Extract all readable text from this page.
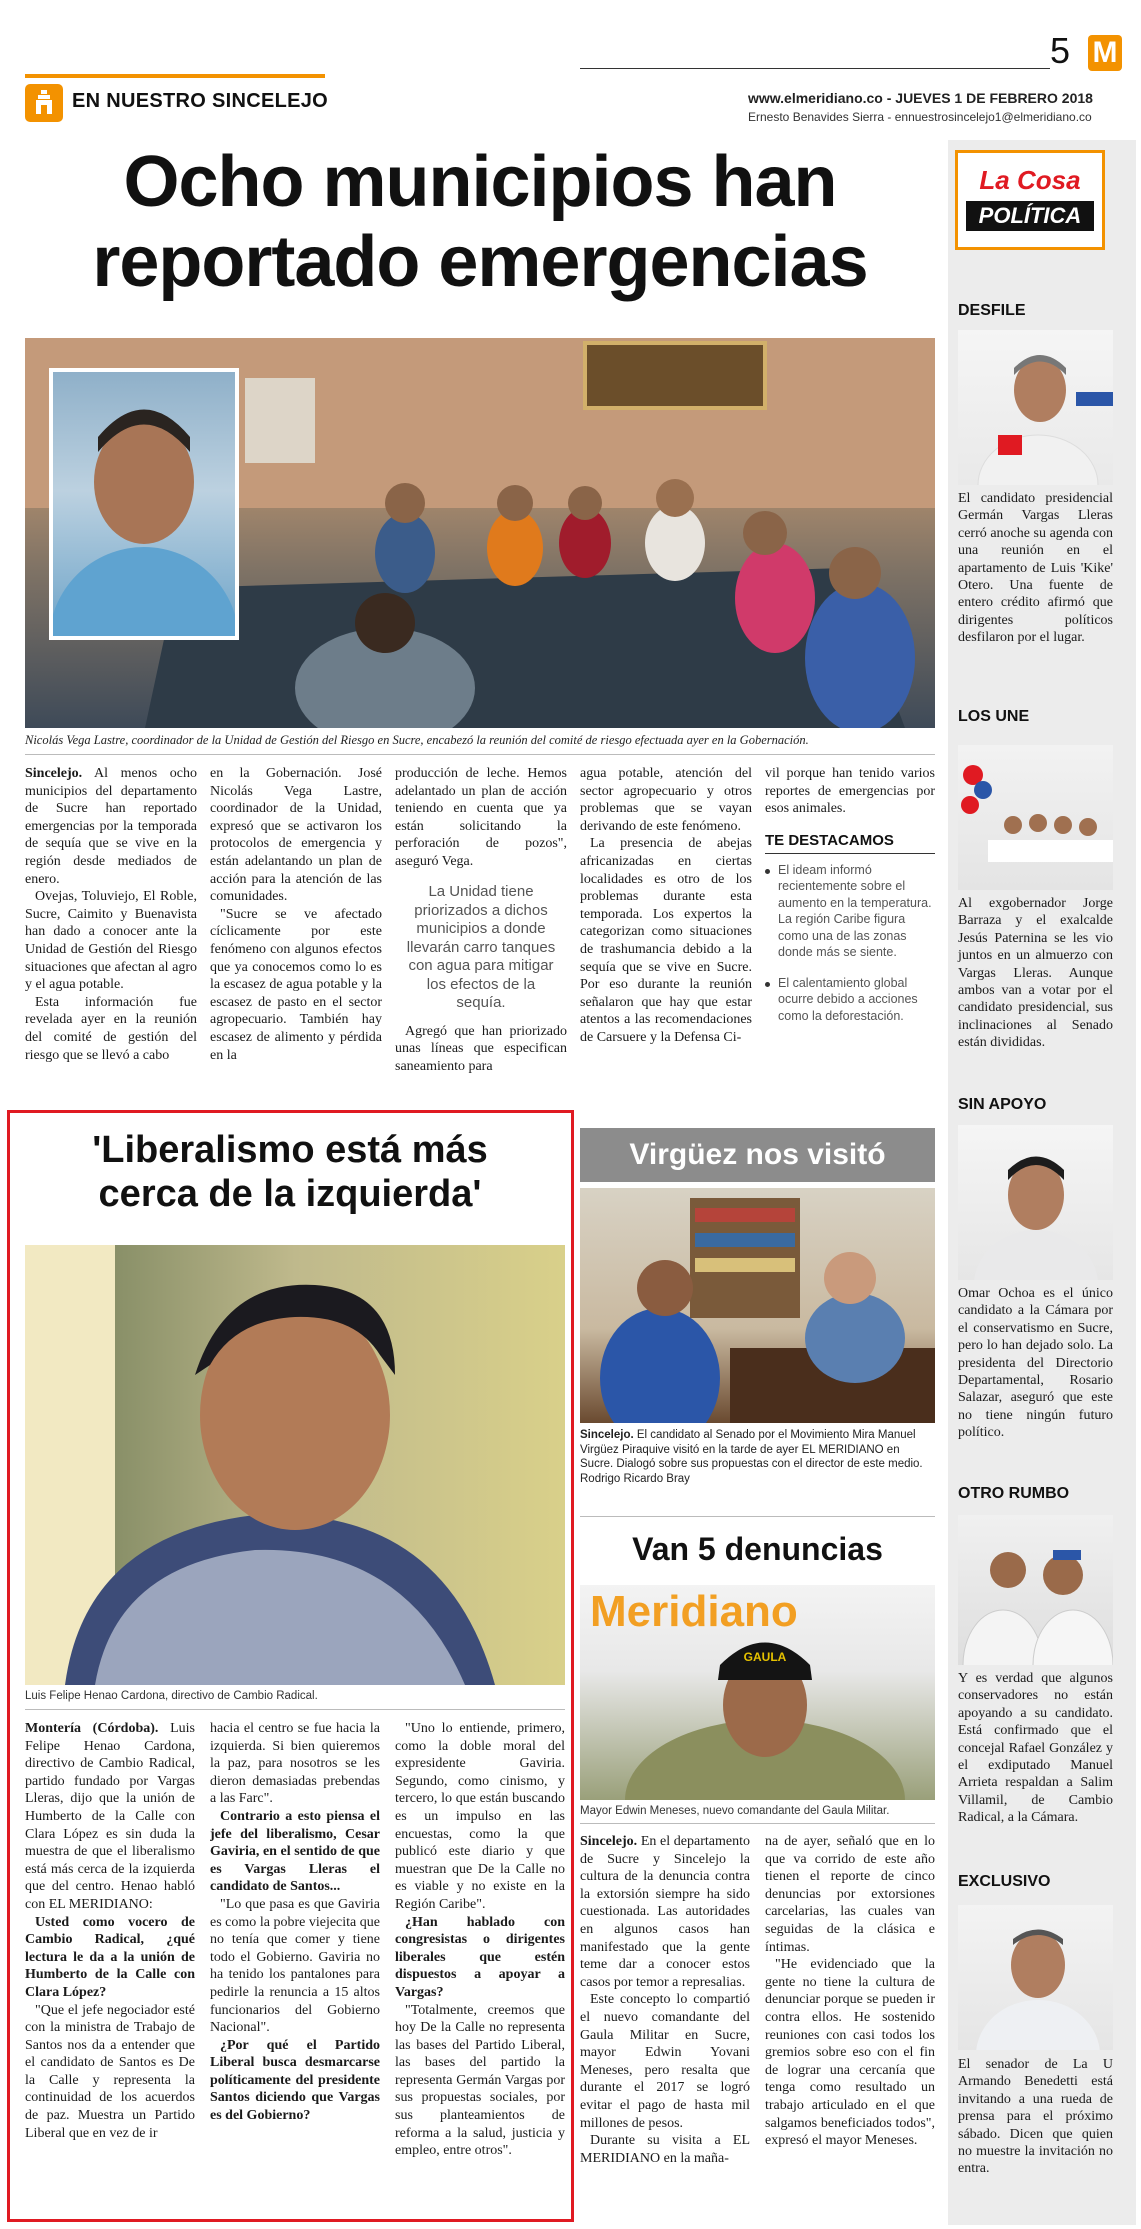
5 M
EN NUESTRO SINCELEJO	www.elmeridiano.co - JUEVES 1 DE FEBRERO 2018
Ernesto Benavides Sierra - ennuestrosincelejo1@elmeridiano.co
Ocho municipios han
reportado emergencias
Nicolás Vega Lastre, coordinador de la Unidad de Gestión del Riesgo en Sucre, encabezó la reunión del comité de riesgo efectuada ayer en la Gobernación.

Sincelejo. Al menos ocho municipios del departamento de Sucre han reportado emergencias por la temporada de sequía que se vive en la región desde mediados de enero.

Ovejas, Toluviejo, El Roble, Sucre, Caimito y Buenavista han dado a conocer ante la Unidad de Gestión del Riesgo situaciones que afectan al agro y el agua potable.

Esta información fue revelada ayer en la reunión del comité de gestión del riesgo que se llevó a cabo

en la Gobernación. José Nicolás Vega Lastre, coordinador de la Unidad, expresó que se activaron los protocolos de emergencia y están adelantando un plan de acción para la atención de las comunidades.

"Sucre se ve afectado cíclicamente por este fenómeno con algunos efectos que ya conocemos como lo es la escasez de agua potable y la escasez de pasto en el sector agropecuario. También hay escasez de alimento y pérdida en la

producción de leche. Hemos adelantado un plan de acción teniendo en cuenta que ya están solicitando la perforación de pozos", aseguró Vega.
La Unidad tiene priorizados a dichos municipios a donde llevarán carro tanques con agua para mitigar los efectos de la sequía.
Agregó que han priorizado unas líneas que especifican saneamiento para

agua potable, atención del sector agropecuario y otros problemas que se vayan derivando de este fenómeno.

La presencia de abejas africanizadas en ciertas localidades es otro de los problemas durante esta temporada. Los expertos la categorizan como situaciones de trashumancia debido a la sequía que se vive en Sucre. Por eso durante la reunión señalaron que hay que estar atentos a las recomendaciones de Carsuere y la Defensa Ci-

vil porque han tenido varios reportes de emergencias por esos animales.
TE DESTACAMOS
El ideam informó recientemente sobre el aumento en la temperatura. La región Caribe figura como una de las zonas donde más se siente.
El calentamiento global ocurre debido a acciones como la deforestación.
'Liberalismo está más
cerca de la izquierda'
Luis Felipe Henao Cardona, directivo de Cambio Radical.

Montería (Córdoba). Luis Felipe Henao Cardona, directivo de Cambio Radical, partido fundado por Vargas Lleras, dijo que la unión de Humberto de la Calle con Clara López es sin duda la muestra de que el liberalismo está más cerca de la izquierda que del centro. Henao habló con EL MERIDIANO:

Usted como vocero de Cambio Radical, ¿qué lectura le da a la unión de Humberto de la Calle con Clara López?

"Que el jefe negociador esté con la ministra de Trabajo de Santos nos da a entender que el candidato de Santos es De la Calle y representa la continuidad de los acuerdos de paz. Muestra un Partido Liberal que en vez de ir

hacia el centro se fue hacia la izquierda. Si bien quieremos la paz, para nosotros se les dieron demasiadas prebendas a las Farc".

Contrario a esto piensa el jefe del liberalismo, Cesar Gaviria, en el sentido de que es Vargas Lleras el candidato de Santos...

"Lo que pasa es que Gaviria es como la pobre viejecita que no tenía que comer y tiene todo el Gobierno. Gaviria no ha tenido los pantalones para pedirle la renuncia a 15 altos funcionarios del Gobierno Nacional".

¿Por qué el Partido Liberal busca desmarcarse políticamente del presidente Santos diciendo que Vargas es del Gobierno?

"Uno lo entiende, primero, como la doble moral del expresidente Gaviria. Segundo, como cinismo, y tercero, lo que están buscando es un impulso en las encuestas, como la que publicó este diario y que muestran que De la Calle no es viable y no existe en la Región Caribe".

¿Han hablado con congresistas o dirigentes liberales que estén dispuestos a apoyar a Vargas?

"Totalmente, creemos que hoy De la Calle no representa las bases del Partido Liberal, las bases del partido la representa Germán Vargas por sus propuestas sociales, por sus planteamientos de reforma a la salud, justicia y empleo, entre otros".

Virgüez nos visitó
Sincelejo. El candidato al Senado por el Movimiento Mira Manuel Virgüez Piraquive visitó en la tarde de ayer EL MERIDIANO en Sucre. Dialogó sobre sus propuestas con el director de este medio. Rodrigo Ricardo Bray
Van 5 denuncias
Meridiano
GAULA
Mayor Edwin Meneses, nuevo comandante del Gaula Militar.

Sincelejo. En el departamento de Sucre y Sincelejo la cultura de la denuncia contra la extorsión siempre ha sido cuestionada. Las autoridades en algunos casos han manifestado que la gente teme dar a conocer estos casos por temor a represalias.

Este concepto lo compartió el nuevo comandante del Gaula Militar en Sucre, mayor Edwin Yovani Meneses, pero resalta que durante el 2017 se logró evitar el pago de hasta mil millones de pesos.

Durante su visita a EL MERIDIANO en la maña-

na de ayer, señaló que en lo que va corrido de este año tienen el reporte de cinco denuncias por extorsiones carcelarias, las cuales van seguidas de la clásica e íntimas.

"He evidenciado que la gente no tiene la cultura de denunciar porque se pueden ir contra ellos. He sostenido reuniones con casi todos los gremios sobre eso con el fin de lograr una cercanía que tenga como resultado un trabajo articulado en el que salgamos beneficiados todos", expresó el mayor Meneses.

La Cosa
POLÍTICA
DESFILE
El candidato presidencial Germán Vargas Lleras cerró anoche su agenda con una reunión en el apartamento de Luis 'Kike' Otero. Una fuente de entero crédito afirmó que dirigentes políticos desfilaron por el lugar.
LOS UNE
Al exgobernador Jorge Barraza y el exalcalde Jesús Paternina se les vio juntos en un almuerzo con Vargas Lleras. Aunque ambos van a votar por el candidato presidencial, sus inclinaciones al Senado están divididas.
SIN APOYO
Omar Ochoa es el único candidato a la Cámara por el conservatismo en Sucre, pero lo han dejado solo. La presidenta del Directorio Departamental, Rosario Salazar, aseguró que este no tiene ningún futuro político.
OTRO RUMBO
Y es verdad que algunos conservadores no están apoyando a su candidato. Está confirmado que el concejal Rafael González y el exdiputado Manuel Arrieta respaldan a Salim Villamil, de Cambio Radical, a la Cámara.
EXCLUSIVO
El senador de La U Armando Benedetti está invitando a una rueda de prensa para el próximo sábado. Dicen que quien no muestre la invitación no entra.
